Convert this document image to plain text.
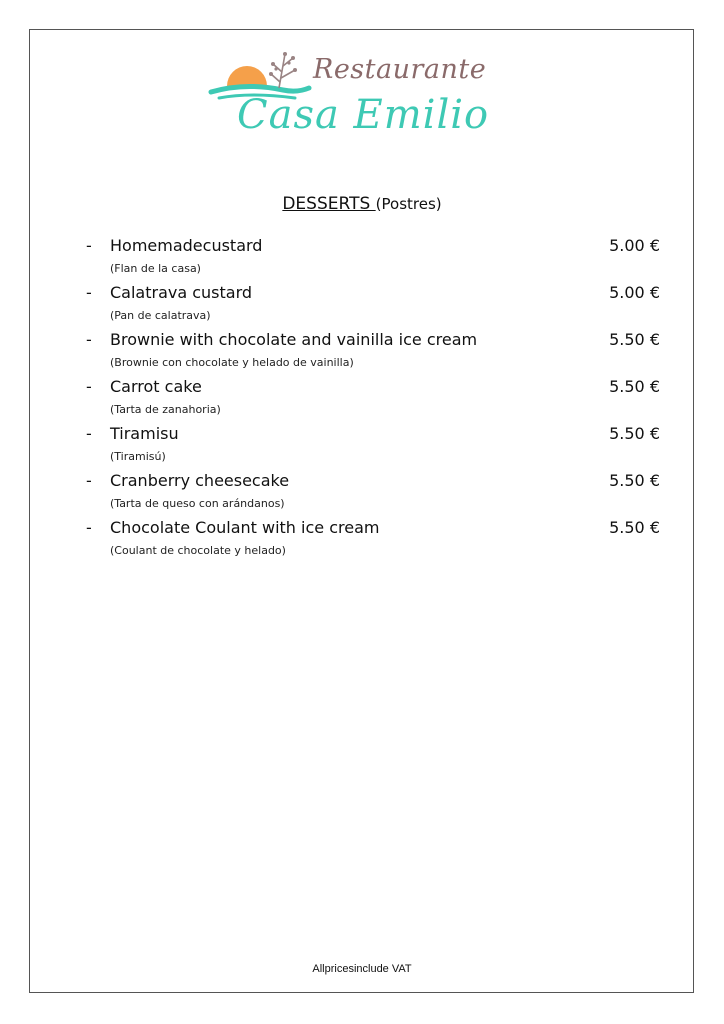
Restaurante
Casa Emilio
DESSERTS (Postres)
- Homemadecustard	5.00 €
(Flan de la casa)
- Calatrava custard	5.00 €
(Pan de calatrava)
- Brownie with chocolate and vainilla ice cream	5.50 €
(Brownie con chocolate y helado de vainilla)
- Carrot cake	5.50 €
(Tarta de zanahoria)
- Tiramisu	5.50 €
(Tiramisú)
- Cranberry cheesecake	5.50 €
(Tarta de queso con arándanos)
- Chocolate Coulant with ice cream	5.50 €
(Coulant de chocolate y helado)
Allpricesinclude VAT
